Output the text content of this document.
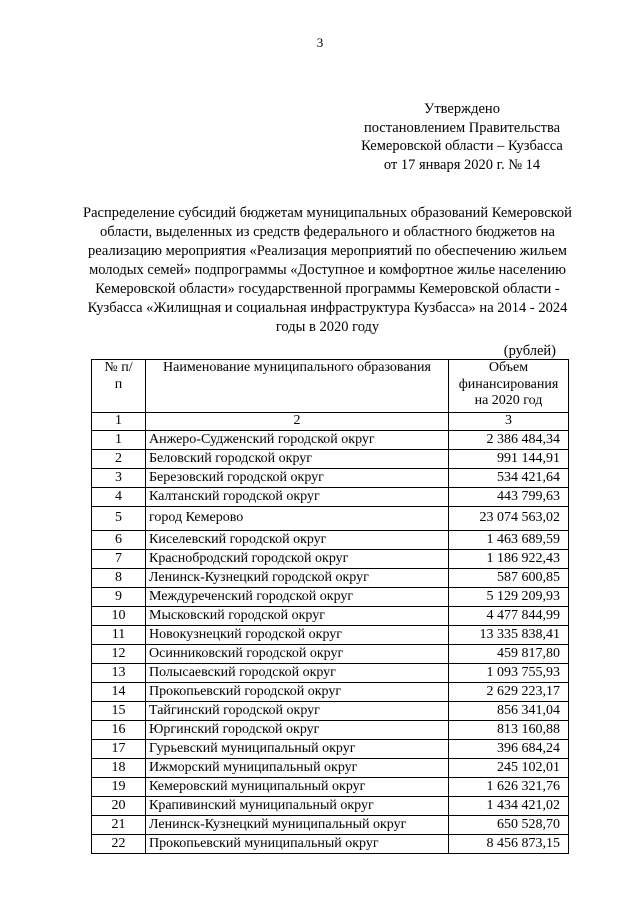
3
Утверждено
постановлением Правительства
Кемеровской области – Кузбасса
от 17 января 2020 г. № 14
Распределение субсидий бюджетам муниципальных образований Кемеровской области, выделенных из средств федерального и областного бюджетов на реализацию мероприятия «Реализация мероприятий по обеспечению жильем молодых семей» подпрограммы «Доступное и комфортное жилье населению Кемеровской области» государственной программы Кемеровской области - Кузбасса «Жилищная и социальная инфраструктура Кузбасса» на 2014 - 2024 годы в 2020 году
(рублей)
№ п/п	Наименование муниципального образования	Объем финансирования на 2020 год
1	2	3
1	Анжеро-Судженский городской округ	2 386 484,34
2	Беловский городской округ	991 144,91
3	Березовский городской округ	534 421,64
4	Калтанский городской округ	443 799,63
5	город Кемерово	23 074 563,02
6	Киселевский городской округ	1 463 689,59
7	Краснобродский городской округ	1 186 922,43
8	Ленинск-Кузнецкий городской округ	587 600,85
9	Междуреченский городской округ	5 129 209,93
10	Мысковский городской округ	4 477 844,99
11	Новокузнецкий городской округ	13 335 838,41
12	Осинниковский городской округ	459 817,80
13	Полысаевский городской округ	1 093 755,93
14	Прокопьевский городской округ	2 629 223,17
15	Тайгинский городской округ	856 341,04
16	Юргинский городской округ	813 160,88
17	Гурьевский муниципальный округ	396 684,24
18	Ижморский муниципальный округ	245 102,01
19	Кемеровский муниципальный округ	1 626 321,76
20	Крапивинский муниципальный округ	1 434 421,02
21	Ленинск-Кузнецкий муниципальный округ	650 528,70
22	Прокопьевский муниципальный округ	8 456 873,15
